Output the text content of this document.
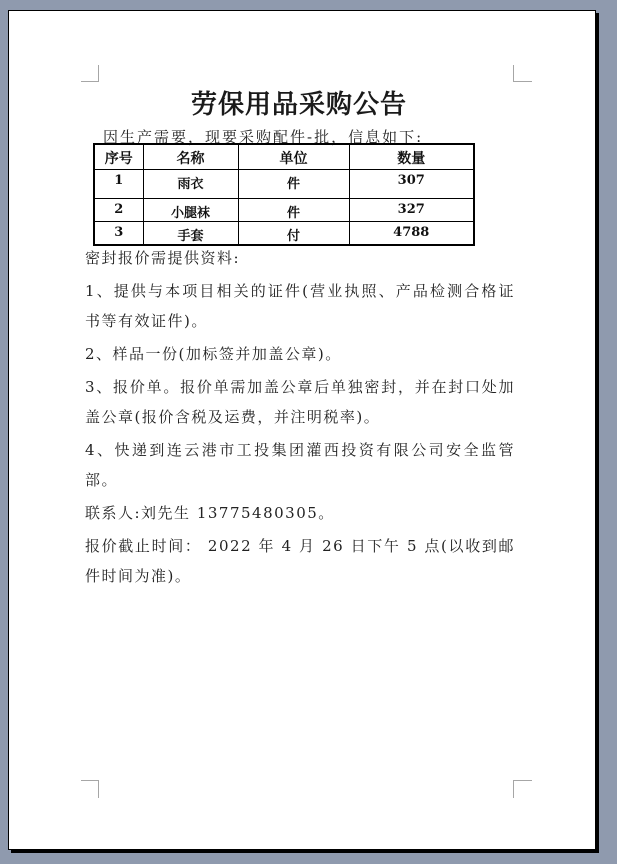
劳保用品采购公告
因生产需要，现要采购配件-批，信息如下:
序号	名称	单位	数量
1	雨衣	件	307
2	小腿袜	件	327
3	手套	付	4788

密封报价需提供资料:

1、提供与本项目相关的证件(营业执照、产品检测合格证书等有效证件)。

2、样品一份(加标签并加盖公章)。

3、报价单。报价单需加盖公章后单独密封，并在封口处加盖公章(报价含税及运费，并注明税率)。

4、快递到连云港市工投集团灌西投资有限公司安全监管部。

联系人:刘先生 13775480305。

报价截止时间： 2022 年 4 月 26 日下午 5 点(以收到邮件时间为准)。
